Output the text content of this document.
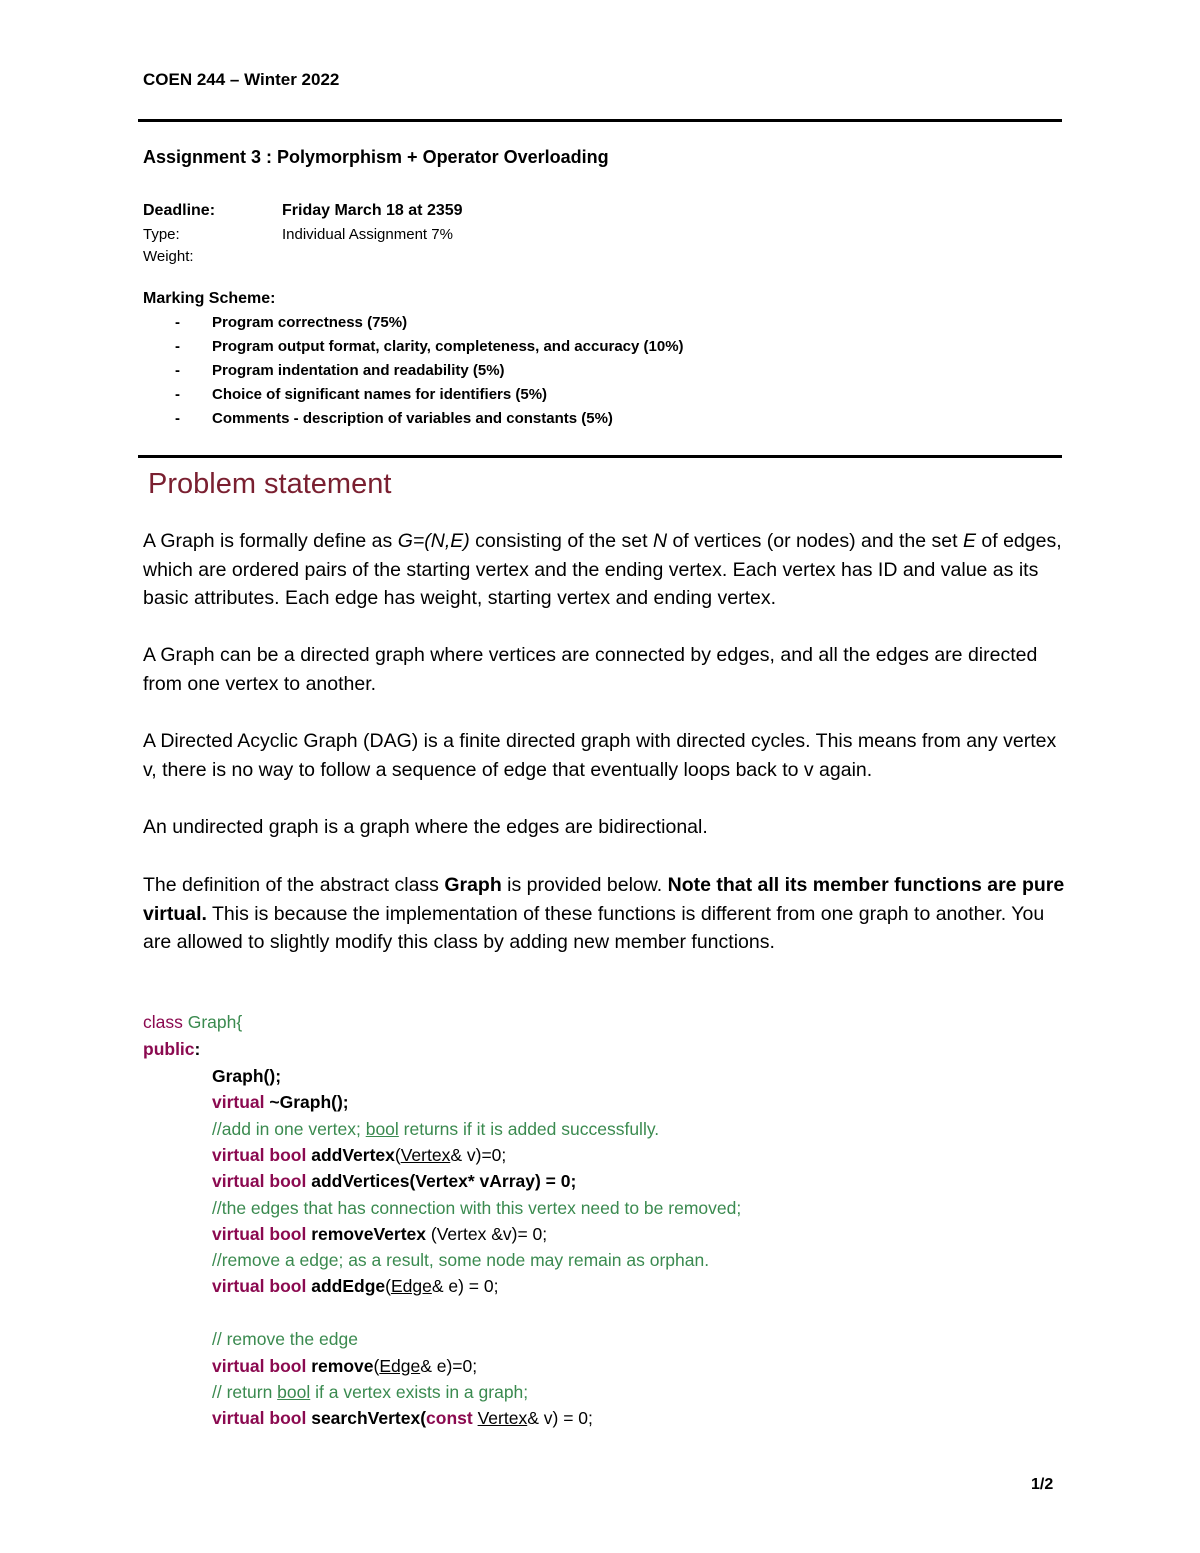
COEN 244 – Winter 2022
Assignment 3 : Polymorphism + Operator Overloading
Deadline:	Friday March 18 at 2359
Type:	Individual Assignment 7%
Weight:
Marking Scheme:
- Program correctness (75%)
- Program output format, clarity, completeness, and accuracy (10%)
- Program indentation and readability (5%)
- Choice of significant names for identifiers (5%)
- Comments - description of variables and constants (5%)
Problem statement
A Graph is formally define as G=(N,E) consisting of the set N of vertices (or nodes) and the set E of edges, which are ordered pairs of the starting vertex and the ending vertex. Each vertex has ID and value as its basic attributes. Each edge has weight, starting vertex and ending vertex.
A Graph can be a directed graph where vertices are connected by edges, and all the edges are directed from one vertex to another.
A Directed Acyclic Graph (DAG) is a finite directed graph with directed cycles. This means from any vertex v, there is no way to follow a sequence of edge that eventually loops back to v again.
An undirected graph is a graph where the edges are bidirectional.
The definition of the abstract class Graph is provided below. Note that all its member functions are pure virtual. This is because the implementation of these functions is different from one graph to another. You are allowed to slightly modify this class by adding new member functions.
class Graph{
public:
Graph();
virtual ~Graph();
//add in one vertex; bool returns if it is added successfully.
virtual bool addVertex(Vertex& v)=0;
virtual bool addVertices(Vertex* vArray) = 0;
//the edges that has connection with this vertex need to be removed;
virtual bool removeVertex (Vertex &v)= 0;
//remove a edge; as a result, some node may remain as orphan.
virtual bool addEdge(Edge& e) = 0;
// remove the edge
virtual bool remove(Edge& e)=0;
// return bool if a vertex exists in a graph;
virtual bool searchVertex(const Vertex& v) = 0;
1/2
